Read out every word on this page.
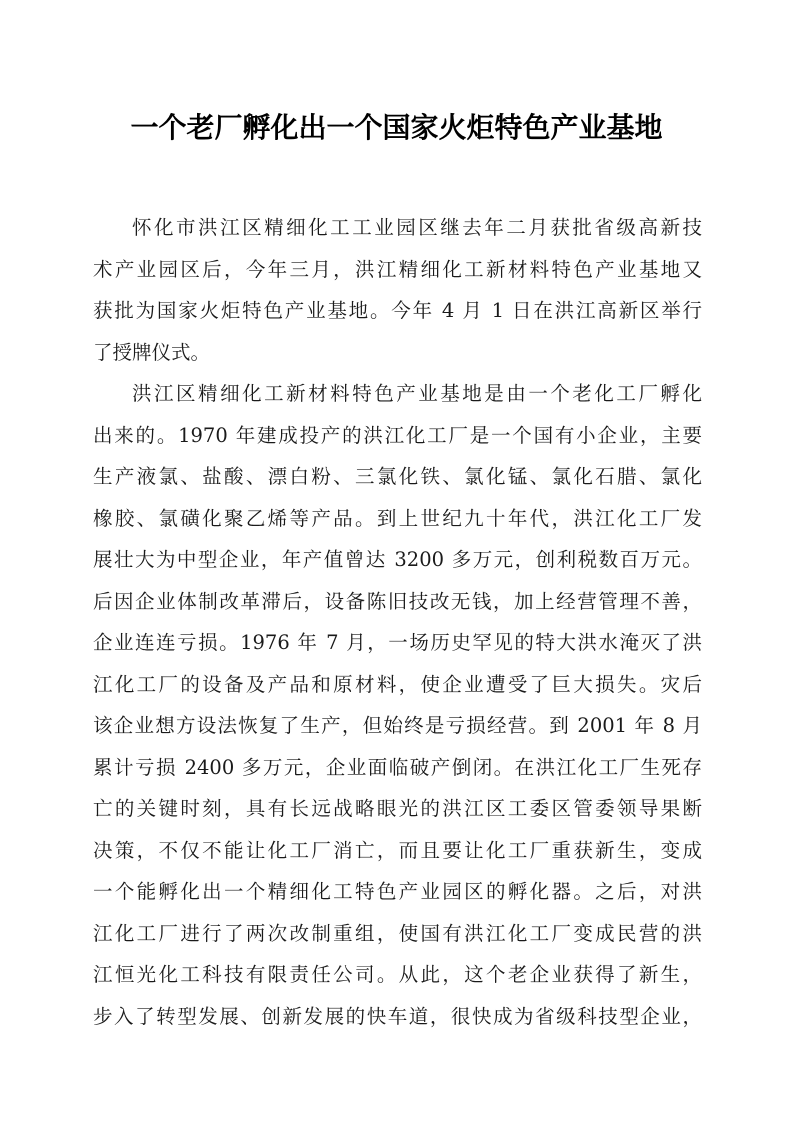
一个老厂孵化出一个国家火炬特色产业基地
怀化市洪江区精细化工工业园区继去年二月获批省级高新技
术产业园区后，今年三月，洪江精细化工新材料特色产业基地又
获批为国家火炬特色产业基地。今年 4 月 1 日在洪江高新区举行
了授牌仪式。
洪江区精细化工新材料特色产业基地是由一个老化工厂孵化
出来的。1970 年建成投产的洪江化工厂是一个国有小企业，主要
生产液氯、盐酸、漂白粉、三氯化铁、氯化锰、氯化石腊、氯化
橡胶、氯磺化聚乙烯等产品。到上世纪九十年代，洪江化工厂发
展壮大为中型企业，年产值曾达 3200 多万元，创利税数百万元。
后因企业体制改革滞后，设备陈旧技改无钱，加上经营管理不善，
企业连连亏损。1976 年 7 月，一场历史罕见的特大洪水淹灭了洪
江化工厂的设备及产品和原材料，使企业遭受了巨大损失。灾后
该企业想方设法恢复了生产，但始终是亏损经营。到 2001 年 8 月
累计亏损 2400 多万元，企业面临破产倒闭。在洪江化工厂生死存
亡的关键时刻，具有长远战略眼光的洪江区工委区管委领导果断
决策，不仅不能让化工厂消亡，而且要让化工厂重获新生，变成
一个能孵化出一个精细化工特色产业园区的孵化器。之后，对洪
江化工厂进行了两次改制重组，使国有洪江化工厂变成民营的洪
江恒光化工科技有限责任公司。从此，这个老企业获得了新生，
步入了转型发展、创新发展的快车道，很快成为省级科技型企业，
